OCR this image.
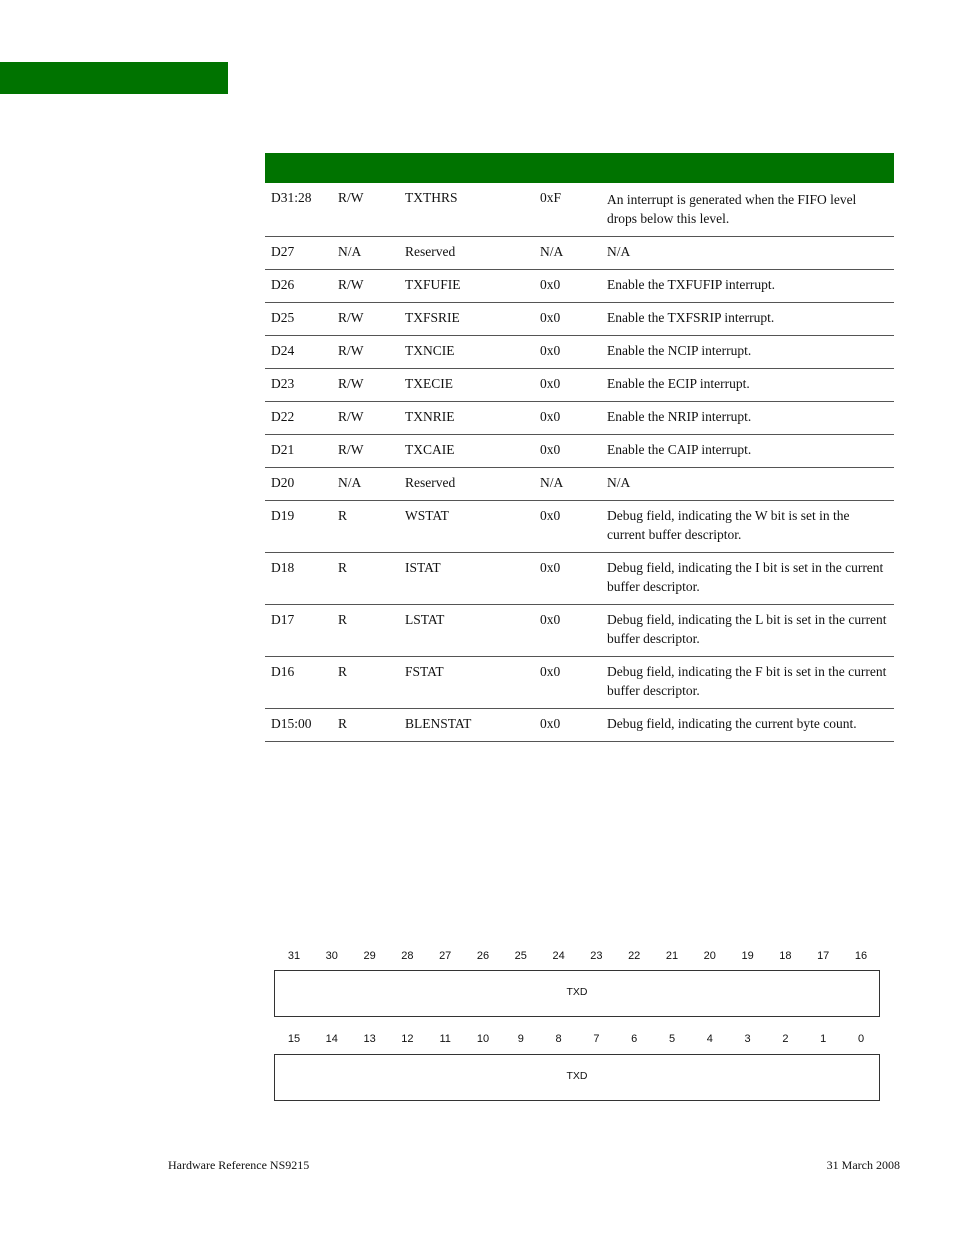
D31:28	R/W	TXTHRS	0xF	An interrupt is generated when the FIFO level drops below this level.

D27	N/A	Reserved	N/A	N/A

D26	R/W	TXFUFIE	0x0	Enable the TXFUFIP interrupt.

D25	R/W	TXFSRIE	0x0	Enable the TXFSRIP interrupt.

D24	R/W	TXNCIE	0x0	Enable the NCIP interrupt.

D23	R/W	TXECIE	0x0	Enable the ECIP interrupt.

D22	R/W	TXNRIE	0x0	Enable the NRIP interrupt.

D21	R/W	TXCAIE	0x0	Enable the CAIP interrupt.

D20	N/A	Reserved	N/A	N/A

D19	R	WSTAT	0x0	Debug field, indicating the W bit is set in the current buffer descriptor.

D18	R	ISTAT	0x0	Debug field, indicating the I bit is set in the current buffer descriptor.

D17	R	LSTAT	0x0	Debug field, indicating the L bit is set in the current buffer descriptor.

D16	R	FSTAT	0x0	Debug field, indicating the F bit is set in the current buffer descriptor.

D15:00	R	BLENSTAT	0x0	Debug field, indicating the current byte count.
31	30	29	28	27	26	25	24	23	22	21	20	19	18	17	16
TXD
15	14	13	12	11	10	9	8	7	6	5	4	3	2	1	0
TXD
Hardware Reference NS9215	31 March 2008
